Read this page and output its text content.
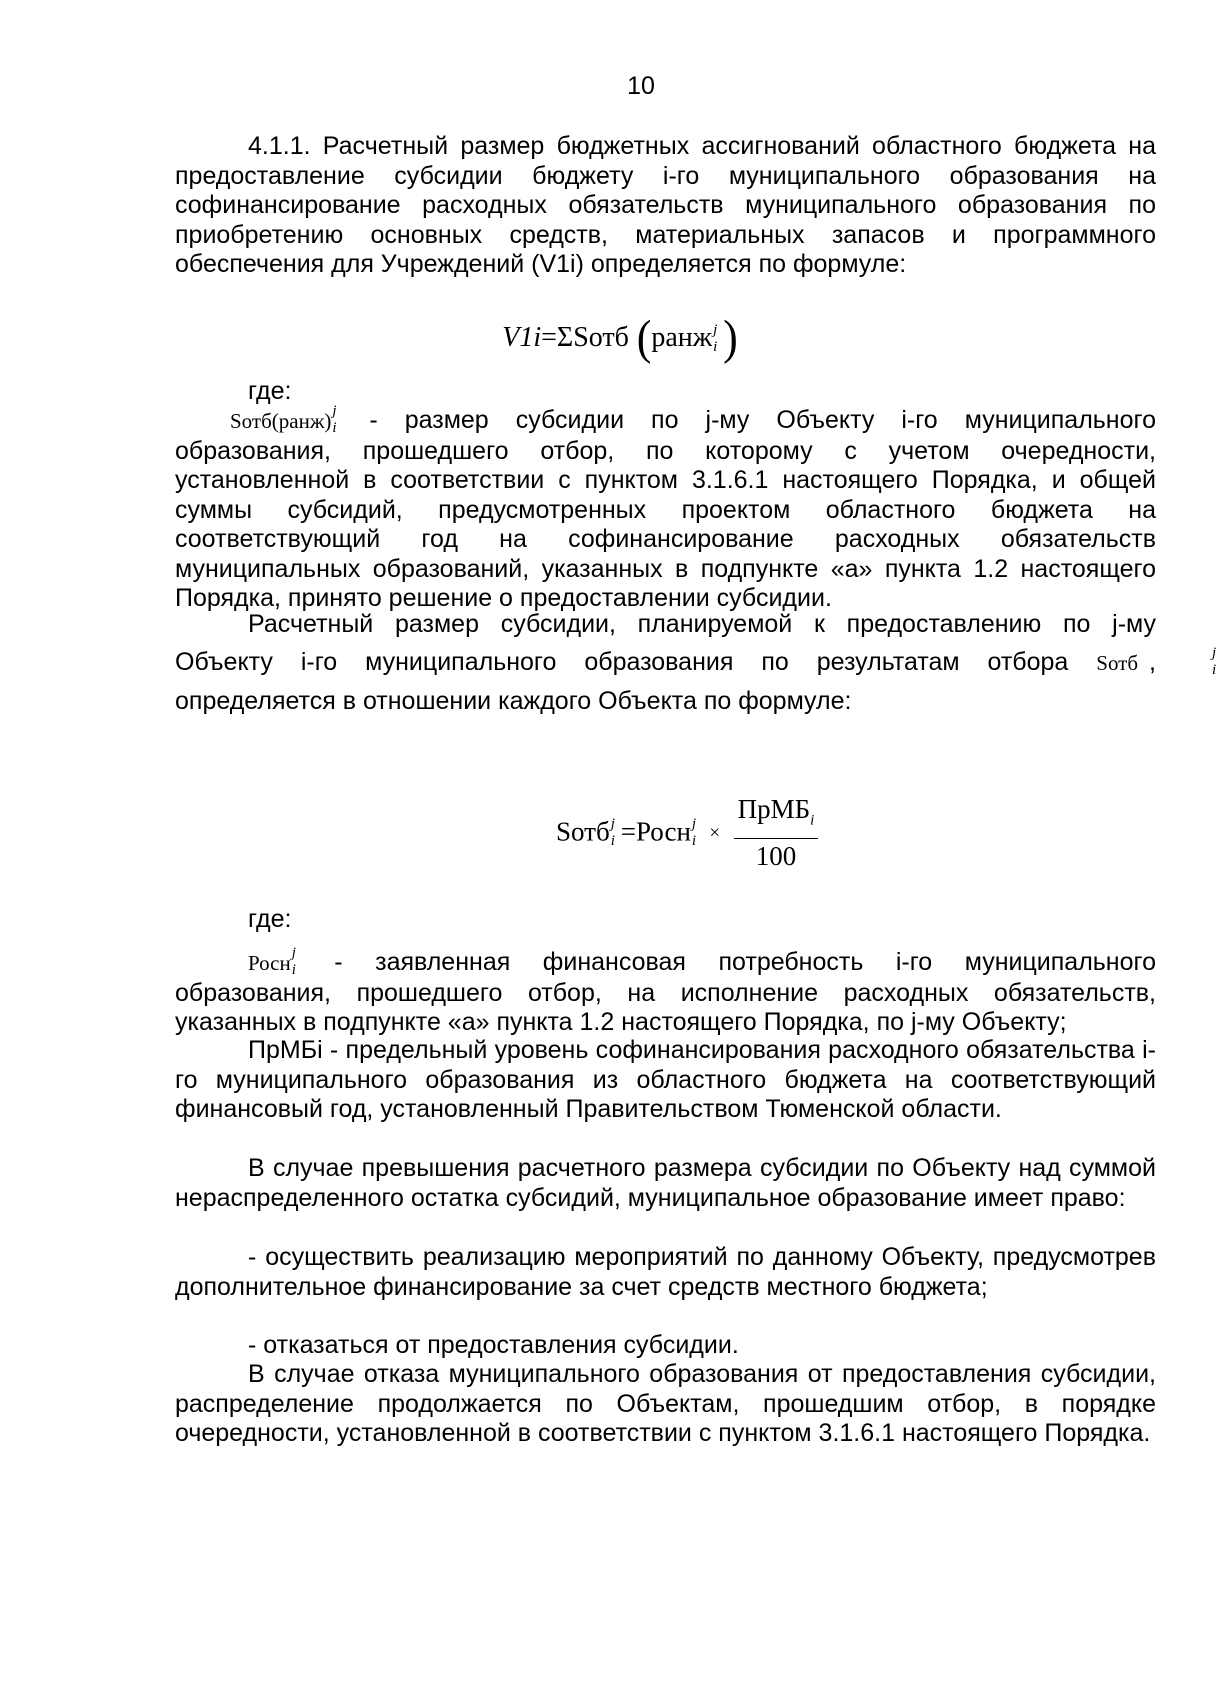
10

4.1.1. Расчетный размер бюджетных ассигнований областного бюджета на предоставление субсидии бюджету i-го муниципального образования на софинансирование расходных обязательств муниципального образования по приобретению основных средств, материальных запасов и программного обеспечения для Учреждений (V1i) определяется по формуле:

V1i=ΣSотб (ранж j
i )
где:

Sотб(ранж) j
i - размер субсидии по j-му Объекту i-го муниципального образования, прошедшего отбор, по которому с учетом очередности, установленной в соответствии с пунктом 3.1.6.1 настоящего Порядка, и общей суммы субсидий, предусмотренных проектом областного бюджета на соответствующий год на софинансирование расходных обязательств муниципальных образований, указанных в подпункте «а» пункта 1.2 настоящего Порядка, принято решение о предоставлении субсидии.

Расчетный размер субсидии, планируемой к предоставлению по j-му Объекту i-го муниципального образования по результатам отбора Sотб	j
i
, определяется в отношении каждого Объекта по формуле:

Sотб j
i =Росн j
$i \times \frac{ПрМБ_i}{100}$
где:

Росн j
i - заявленная финансовая потребность i-го муниципального образования, прошедшего отбор, на исполнение расходных обязательств, указанных в подпункте «а» пункта 1.2 настоящего Порядка, по j-му Объекту;

ПрМБi - предельный уровень софинансирования расходного обязательства i-го муниципального образования из областного бюджета на соответствующий финансовый год, установленный Правительством Тюменской области.

В случае превышения расчетного размера субсидии по Объекту над суммой нераспределенного остатка субсидий, муниципальное образование имеет право:

- осуществить реализацию мероприятий по данному Объекту, предусмотрев дополнительное финансирование за счет средств местного бюджета;

- отказаться от предоставления субсидии.

В случае отказа муниципального образования от предоставления субсидии, распределение продолжается по Объектам, прошедшим отбор, в порядке очередности, установленной в соответствии с пунктом 3.1.6.1 настоящего Порядка.
